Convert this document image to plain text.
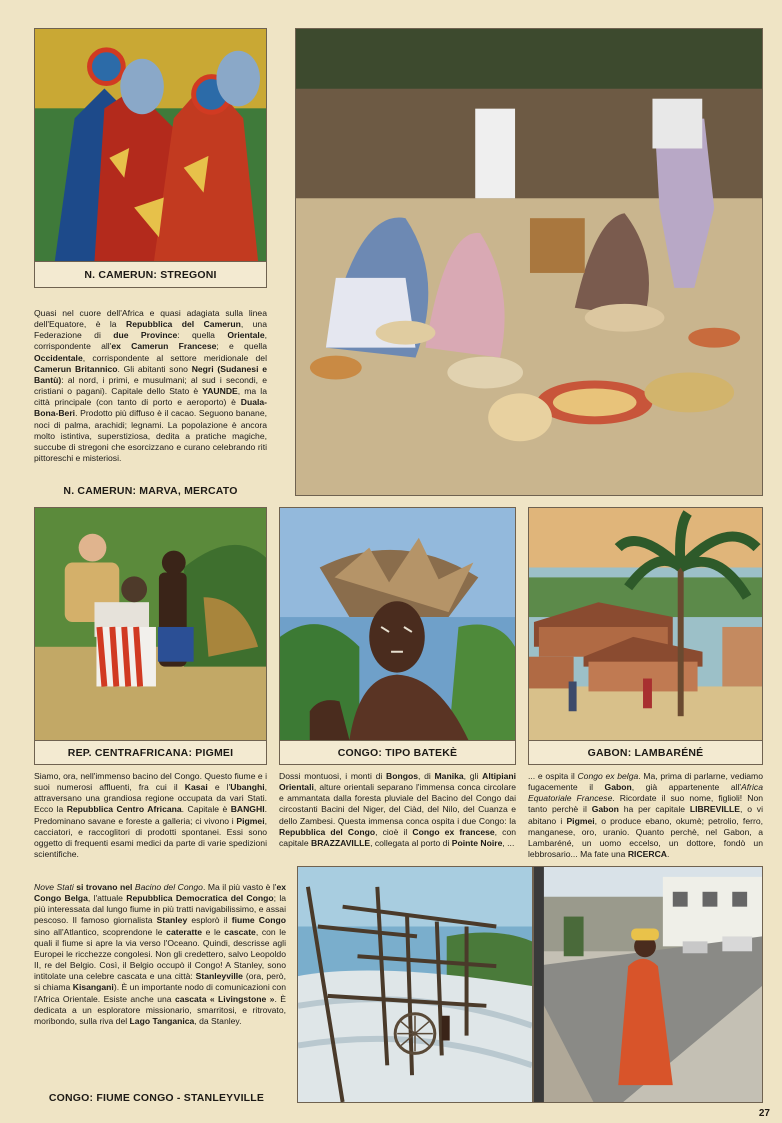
N. CAMERUN: STREGONI
N. CAMERUN: MARVA, MERCATO
REP. CENTRAFRICANA: PIGMEI	CONGO: TIPO BATEKÈ	GABON: LAMBARÉNÉ
CONGO: FIUME CONGO - STANLEYVILLE

Quasi nel cuore dell'Africa e quasi adagiata sulla linea dell'Equatore, è la Repubblica del Camerun, una Federazione di due Province: quella Orientale, corrispondente all'ex Camerun Francese; e quella Occidentale, corrispondente al settore meridionale del Camerun Britannico. Gli abitanti sono Negri (Sudanesi e Bantù): al nord, i primi, e musulmani; al sud i secondi, e cristiani o pagani). Capitale dello Stato è YAUNDE, ma la città principale (con tanto di porto e aeroporto) è Duala-Bona-Beri. Prodotto più diffuso è il cacao. Seguono banane, noci di palma, arachidi; legnami. La popolazione è ancora molto istintiva, superstiziosa, dedita a pratiche magiche, succube di stregoni che esorcizzano e curano celebrando riti pittoreschi e misteriosi.

Siamo, ora, nell'immenso bacino del Congo. Questo fiume e i suoi numerosi affluenti, fra cui il Kasai e l'Ubanghi, attraversano una grandiosa regione occupata da vari Stati. Ecco la Repubblica Centro Africana. Capitale è BANGHI. Predominano savane e foreste a galleria; ci vivono i Pigmei, cacciatori, e raccoglitori di prodotti spontanei. Essi sono oggetto di frequenti esami medici da parte di varie spedizioni scientifiche.

Dossi montuosi, i monti di Bongos, di Manika, gli Altipiani Orientali, alture orientali separano l'immensa conca circolare e ammantata dalla foresta pluviale del Bacino del Congo dai circostanti Bacini del Niger, del Ciàd, del Nilo, del Cuanza e dello Zambesi. Questa immensa conca ospita i due Congo: la Repubblica del Congo, cioè il Congo ex francese, con capitale BRAZZAVILLE, collegata al porto di Pointe Noire, ...

... e ospita il Congo ex belga. Ma, prima di parlarne, vediamo fugacemente il Gabon, già appartenente all'Africa Equatoriale Francese. Ricordate il suo nome, figlioli! Non tanto perchè il Gabon ha per capitale LIBREVILLE, o vi abitano i Pigmei, o produce ebano, okumè; petrolio, ferro, manganese, oro, uranio. Quanto perchè, nel Gabon, a Lambaréné, un uomo eccelso, un dottore, fondò un lebbrosario... Ma fate una RICERCA.

Nove Stati si trovano nel Bacino del Congo. Ma il più vasto è l'ex Congo Belga, l'attuale Repubblica Democratica del Congo; la più interessata dal lungo fiume in più tratti navigabilissimo, e assai pescoso. Il famoso giornalista Stanley esplorò il fiume Congo sino all'Atlantico, scoprendone le cateratte e le cascate, con le quali il fiume si apre la via verso l'Oceano. Quindi, descrisse agli Europei le ricchezze congolesi. Non gli credettero, salvo Leopoldo II, re del Belgio. Così, il Belgio occupò il Congo! A Stanley, sono intitolate una celebre cascata e una città: Stanleyville (ora, però, si chiama Kisangani). È un importante nodo di comunicazioni con l'Africa Orientale. Esiste anche una cascata « Livingstone ». È dedicata a un esploratore missionario, smarritosi, e ritrovato, moribondo, sulla riva del Lago Tanganica, da Stanley.

27
